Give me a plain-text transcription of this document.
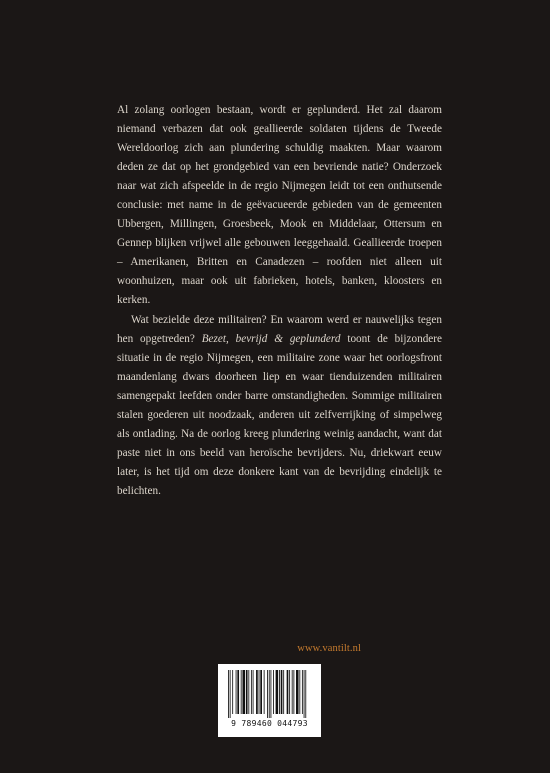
Al zolang oorlogen bestaan, wordt er geplunderd. Het zal daarom niemand verbazen dat ook geallieerde soldaten tijdens de Tweede Wereldoorlog zich aan plundering schuldig maakten. Maar waarom deden ze dat op het grondgebied van een bevriende natie? Onderzoek naar wat zich afspeelde in de regio Nijmegen leidt tot een onthutsende conclusie: met name in de geëvacueerde gebieden van de gemeenten Ubbergen, Millingen, Groesbeek, Mook en Middelaar, Ottersum en Gennep blijken vrijwel alle gebouwen leeggehaald. Geallieerde troepen – Amerikanen, Britten en Canadezen – roofden niet alleen uit woonhuizen, maar ook uit fabrieken, hotels, banken, kloosters en kerken.

Wat bezielde deze militairen? En waarom werd er nauwelijks tegen hen opgetreden? Bezet, bevrijd & geplunderd toont de bijzondere situatie in de regio Nijmegen, een militaire zone waar het oorlogsfront maandenlang dwars doorheen liep en waar tienduizenden militairen samengepakt leefden onder barre omstandigheden. Sommige militairen stalen goederen uit noodzaak, anderen uit zelfverrijking of simpelweg als ontlading. Na de oorlog kreeg plundering weinig aandacht, want dat paste niet in ons beeld van heroïsche bevrijders. Nu, driekwart eeuw later, is het tijd om deze donkere kant van de bevrijding eindelijk te belichten.

www.vantilt.nl
9 789460 044793
